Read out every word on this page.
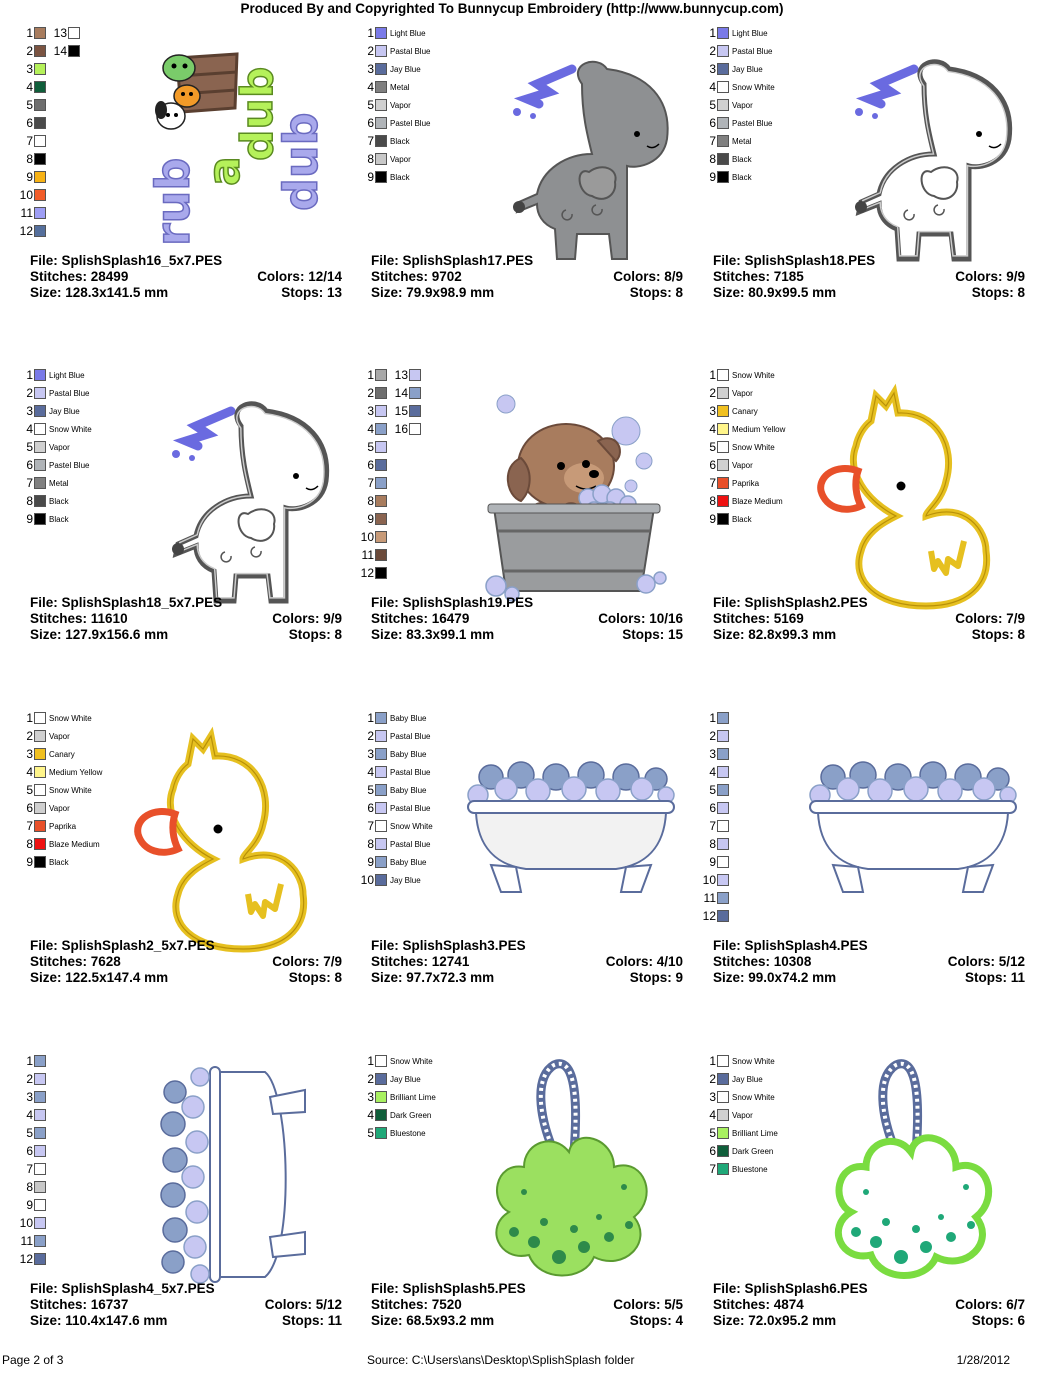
Produced By and Copyrighted To Bunnycup Embroidery (http://www.bunnycup.com)
1
2
3
4
5
6
7
8
9
10
11
12
13
14
rub a
dub
dub
File: SplishSplash16_5x7.PES
Stitches: 28499	Colors: 12/14
Size: 128.3x141.5 mm	Stops: 13
1 Light Blue
2 Pastal Blue
3 Jay Blue
4 Metal
5 Vapor
6 Pastel Blue
7 Black
8 Vapor
9 Black
File: SplishSplash17.PES
Stitches: 9702	Colors: 8/9
Size: 79.9x98.9 mm	Stops: 8
1 Light Blue
2 Pastal Blue
3 Jay Blue
4 Snow White
5 Vapor
6 Pastel Blue
7 Metal
8 Black
9 Black
File: SplishSplash18.PES
Stitches: 7185	Colors: 9/9
Size: 80.9x99.5 mm	Stops: 8
1 Light Blue
2 Pastal Blue
3 Jay Blue
4 Snow White
5 Vapor
6 Pastel Blue
7 Metal
8 Black
9 Black
File: SplishSplash18_5x7.PES
Stitches: 11610	Colors: 9/9
Size: 127.9x156.6 mm	Stops: 8
1
2
3
4
5
6
7
8
9
10
11
12
13
14
15
16
File: SplishSplash19.PES
Stitches: 16479	Colors: 10/16
Size: 83.3x99.1 mm	Stops: 15
1 Snow White
2 Vapor
3 Canary
4 Medium Yellow
5 Snow White
6 Vapor
7 Paprika
8 Blaze Medium
9 Black
File: SplishSplash2.PES
Stitches: 5169	Colors: 7/9
Size: 82.8x99.3 mm	Stops: 8
1 Snow White
2 Vapor
3 Canary
4 Medium Yellow
5 Snow White
6 Vapor
7 Paprika
8 Blaze Medium
9 Black
File: SplishSplash2_5x7.PES
Stitches: 7628	Colors: 7/9
Size: 122.5x147.4 mm	Stops: 8
1 Baby Blue
2 Pastal Blue
3 Baby Blue
4 Pastal Blue
5 Baby Blue
6 Pastal Blue
7 Snow White
8 Pastal Blue
9 Baby Blue
10 Jay Blue
File: SplishSplash3.PES
Stitches: 12741	Colors: 4/10
Size: 97.7x72.3 mm	Stops: 9
1
2
3
4
5
6
7
8
9
10
11
12
File: SplishSplash4.PES
Stitches: 10308	Colors: 5/12
Size: 99.0x74.2 mm	Stops: 11
1
2
3
4
5
6
7
8
9
10
11
12
File: SplishSplash4_5x7.PES
Stitches: 16737	Colors: 5/12
Size: 110.4x147.6 mm	Stops: 11
1 Snow White
2 Jay Blue
3 Brilliant Lime
4 Dark Green
5 Bluestone
File: SplishSplash5.PES
Stitches: 7520	Colors: 5/5
Size: 68.5x93.2 mm	Stops: 4
1 Snow White
2 Jay Blue
3 Snow White
4 Vapor
5 Brilliant Lime
6 Dark Green
7 Bluestone
File: SplishSplash6.PES
Stitches: 4874	Colors: 6/7
Size: 72.0x95.2 mm	Stops: 6
Page 2 of 3	Source: C:\Users\ans\Desktop\SplishSplash folder	1/28/2012
